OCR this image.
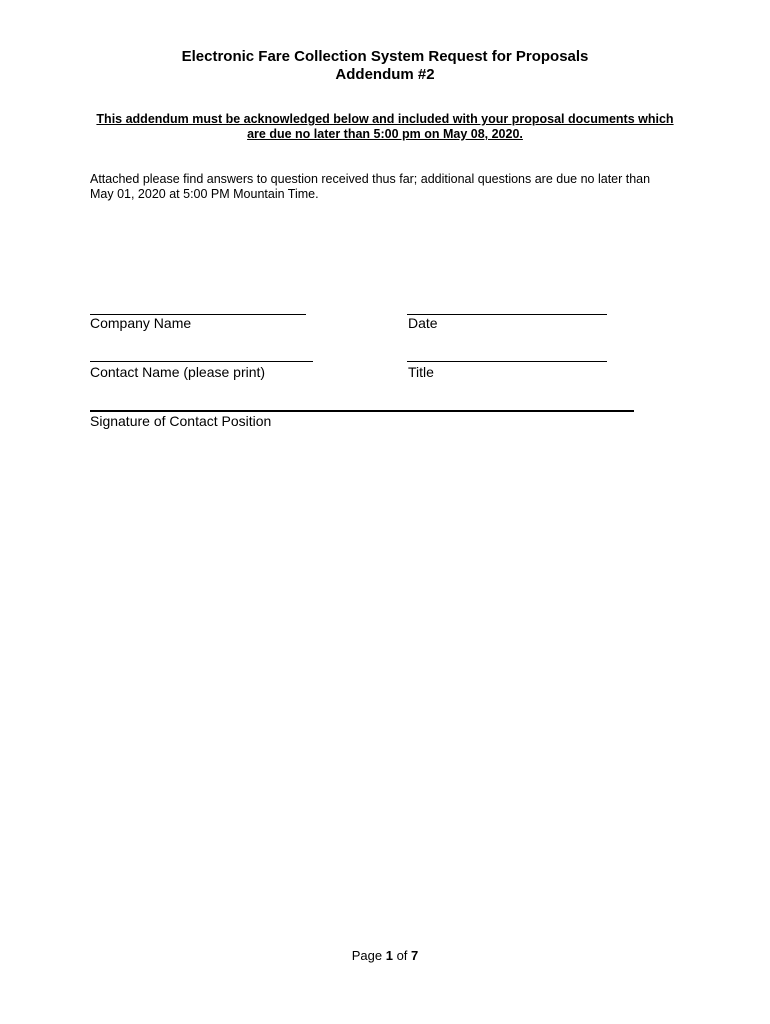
Electronic Fare Collection System Request for Proposals
Addendum #2
This addendum must be acknowledged below and included with your proposal documents which
are due no later than 5:00 pm on May 08, 2020.
Attached please find answers to question received thus far; additional questions are due no later than
May 01, 2020 at 5:00 PM Mountain Time.
Company Name	Date
Contact Name (please print)	Title
Signature of Contact Position
Page 1 of 7
